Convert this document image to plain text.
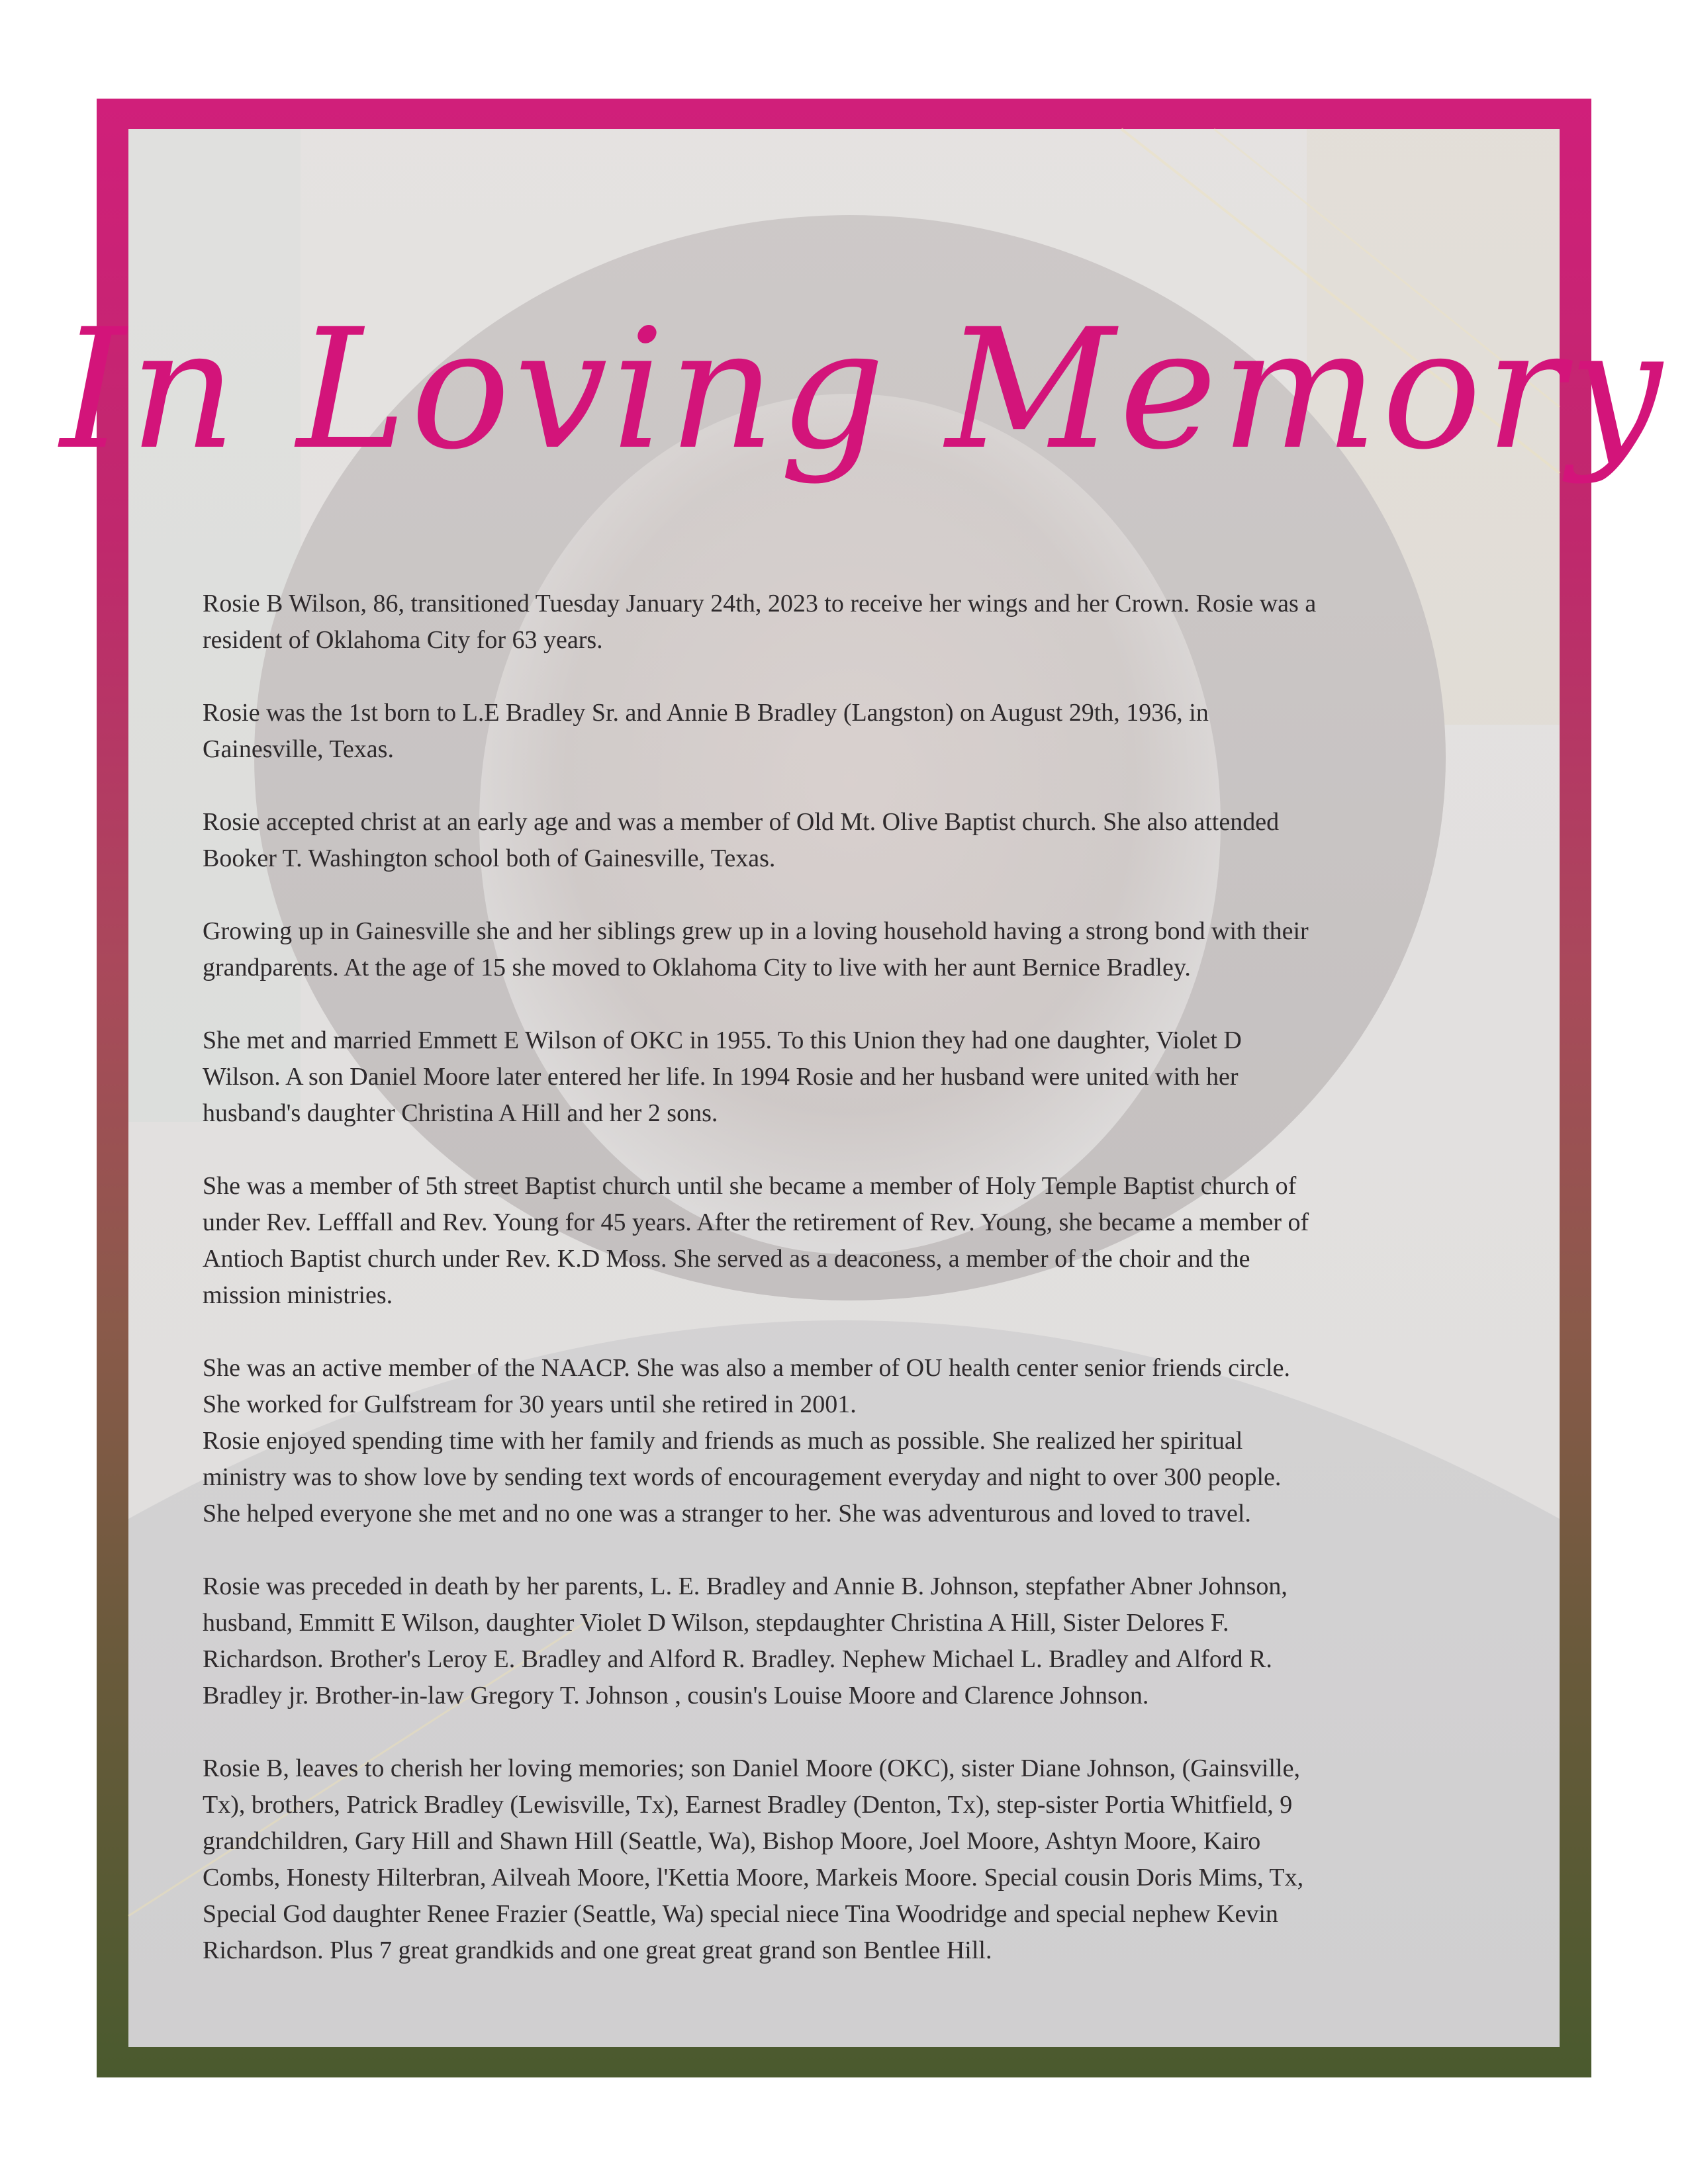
In Loving Memory

Rosie B Wilson, 86, transitioned Tuesday January 24th, 2023 to receive her wings and her Crown. Rosie was a
resident of Oklahoma City for 63 years.

Rosie was the 1st born to L.E Bradley Sr. and Annie B Bradley (Langston) on August 29th, 1936, in
Gainesville, Texas.

Rosie accepted christ at an early age and was a member of Old Mt. Olive Baptist church. She also attended
Booker T. Washington school both of Gainesville, Texas.

Growing up in Gainesville she and her siblings grew up in a loving household having a strong bond with their
grandparents. At the age of 15 she moved to Oklahoma City to live with her aunt Bernice Bradley.

She met and married Emmett E Wilson of OKC in 1955. To this Union they had one daughter, Violet D
Wilson. A son Daniel Moore later entered her life. In 1994 Rosie and her husband were united with her
husband's daughter Christina A Hill and her 2 sons.

She was a member of 5th street Baptist church until she became a member of Holy Temple Baptist church of
under Rev. Lefffall and Rev. Young for 45 years. After the retirement of Rev. Young, she became a member of
Antioch Baptist church under Rev. K.D Moss. She served as a deaconess, a member of the choir and the
mission ministries.

She was an active member of the NAACP. She was also a member of OU health center senior friends circle.
She worked for Gulfstream for 30 years until she retired in 2001.

Rosie enjoyed spending time with her family and friends as much as possible. She realized her spiritual
ministry was to show love by sending text words of encouragement everyday and night to over 300 people.
She helped everyone she met and no one was a stranger to her. She was adventurous and loved to travel.

Rosie was preceded in death by her parents, L. E. Bradley and Annie B. Johnson, stepfather Abner Johnson,
husband, Emmitt E Wilson, daughter Violet D Wilson, stepdaughter Christina A Hill, Sister Delores F.
Richardson. Brother's Leroy E. Bradley and Alford R. Bradley. Nephew Michael L. Bradley and Alford R.
Bradley jr. Brother-in-law Gregory T. Johnson , cousin's Louise Moore and Clarence Johnson.

Rosie B, leaves to cherish her loving memories; son Daniel Moore (OKC), sister Diane Johnson, (Gainsville,
Tx), brothers, Patrick Bradley (Lewisville, Tx), Earnest Bradley (Denton, Tx), step-sister Portia Whitfield, 9
grandchildren, Gary Hill and Shawn Hill (Seattle, Wa), Bishop Moore, Joel Moore, Ashtyn Moore, Kairo
Combs, Honesty Hilterbran, Ailveah Moore, l'Kettia Moore, Markeis Moore. Special cousin Doris Mims, Tx,
Special God daughter Renee Frazier (Seattle, Wa) special niece Tina Woodridge and special nephew Kevin
Richardson. Plus 7 great grandkids and one great great grand son Bentlee Hill.
